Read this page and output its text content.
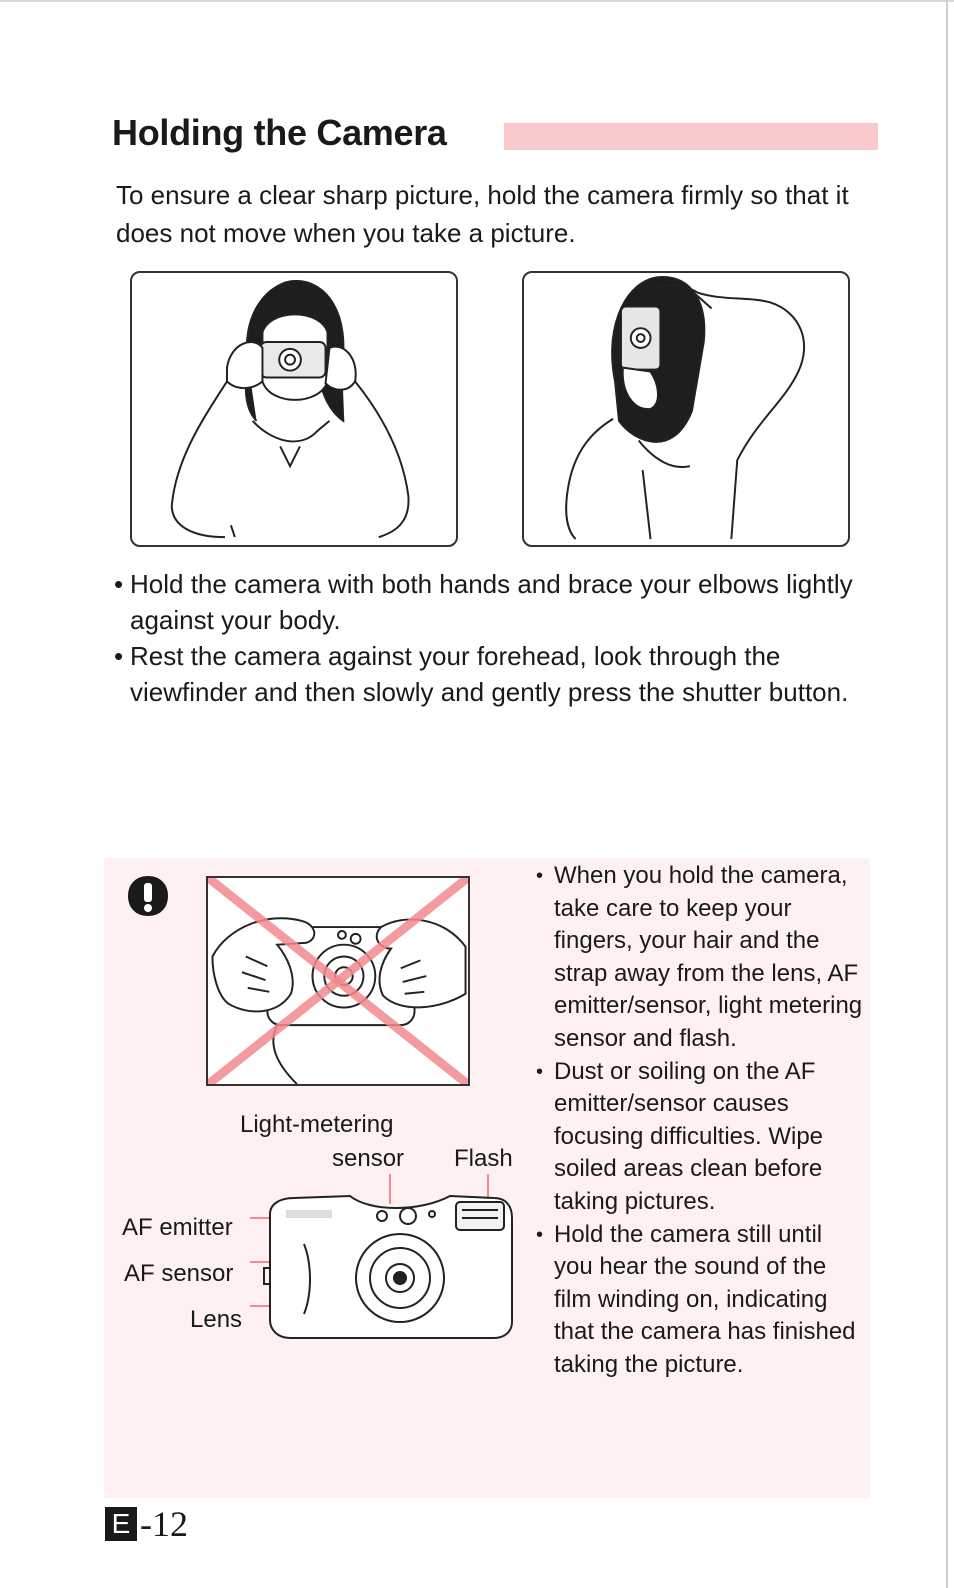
Holding the Camera
To ensure a clear sharp picture, hold the camera firmly so that it does not move when you take a picture.
• Hold the camera with both hands and brace your elbows lightly against your body.
• Rest the camera against your forehead, look through the viewfinder and then slowly and gently press the shutter button.
Light-metering
sensor Flash
AF emitter
AF sensor
Lens
• When you hold the camera, take care to keep your fingers, your hair and the strap away from the lens, AF emitter/sensor, light metering sensor and flash.
• Dust or soiling on the AF emitter/sensor causes focusing difficulties. Wipe soiled areas clean before taking pictures.
• Hold the camera still until you hear the sound of the film winding on, indicating that the camera has finished taking the picture.
E -12
